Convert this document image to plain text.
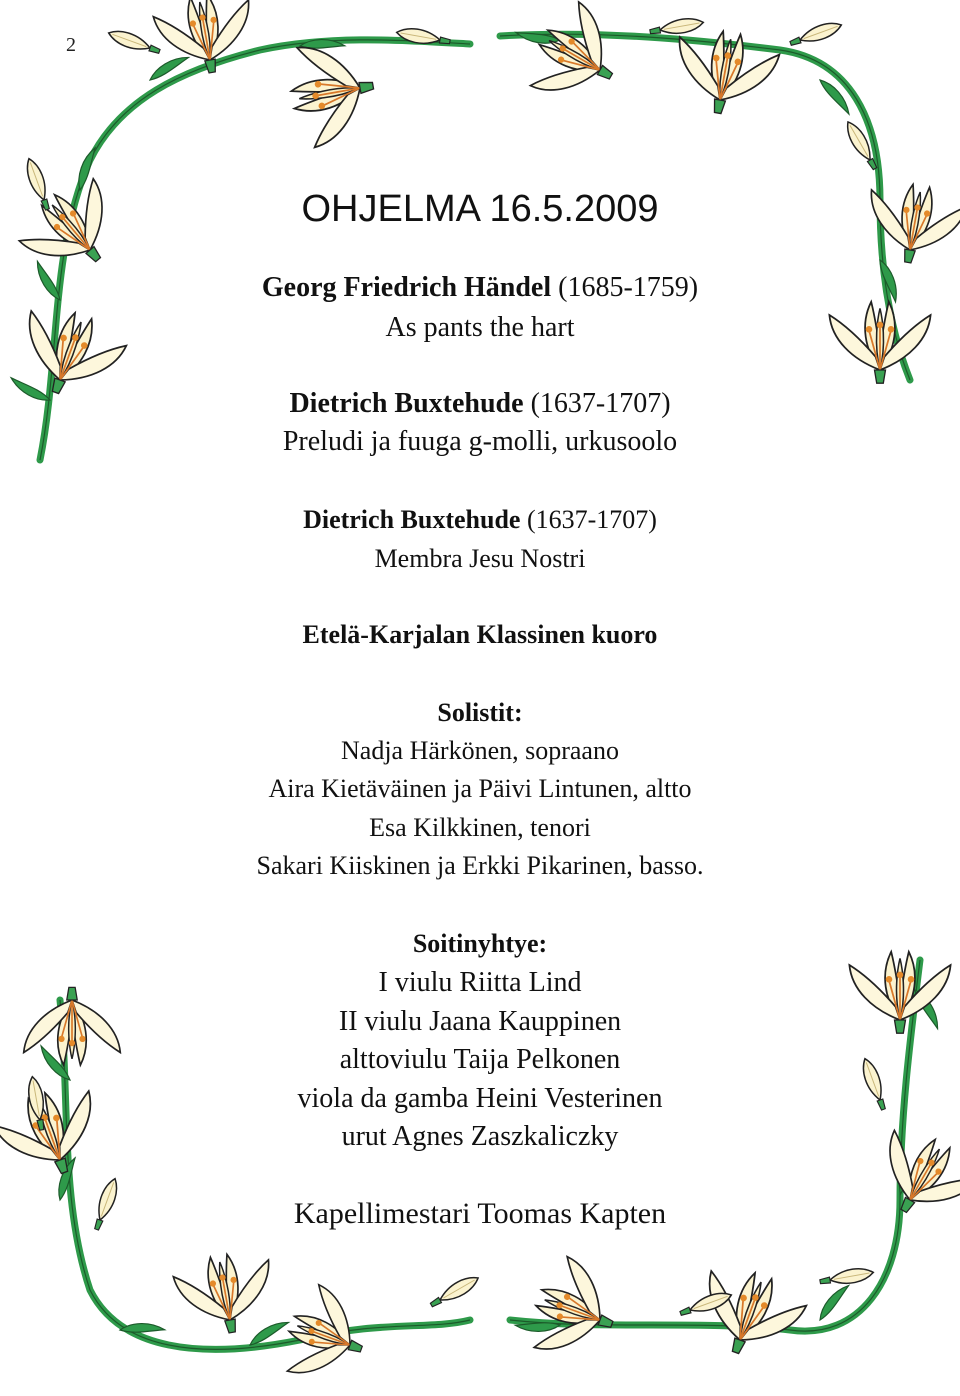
2
OHJELMA 16.5.2009
Georg Friedrich Händel (1685-1759)
As pants the hart
Dietrich Buxtehude (1637-1707)
Preludi ja fuuga g-molli, urkusoolo
Dietrich Buxtehude (1637-1707)
Membra Jesu Nostri
Etelä-Karjalan Klassinen kuoro
Solistit:
Nadja Härkönen, sopraano
Aira Kietäväinen ja Päivi Lintunen, altto
Esa Kilkkinen, tenori
Sakari Kiiskinen ja Erkki Pikarinen, basso.
Soitinyhtye:
I viulu Riitta Lind
II viulu Jaana Kauppinen
alttoviulu Taija Pelkonen
viola da gamba Heini Vesterinen
urut Agnes Zaszkaliczky
Kapellimestari Toomas Kapten
